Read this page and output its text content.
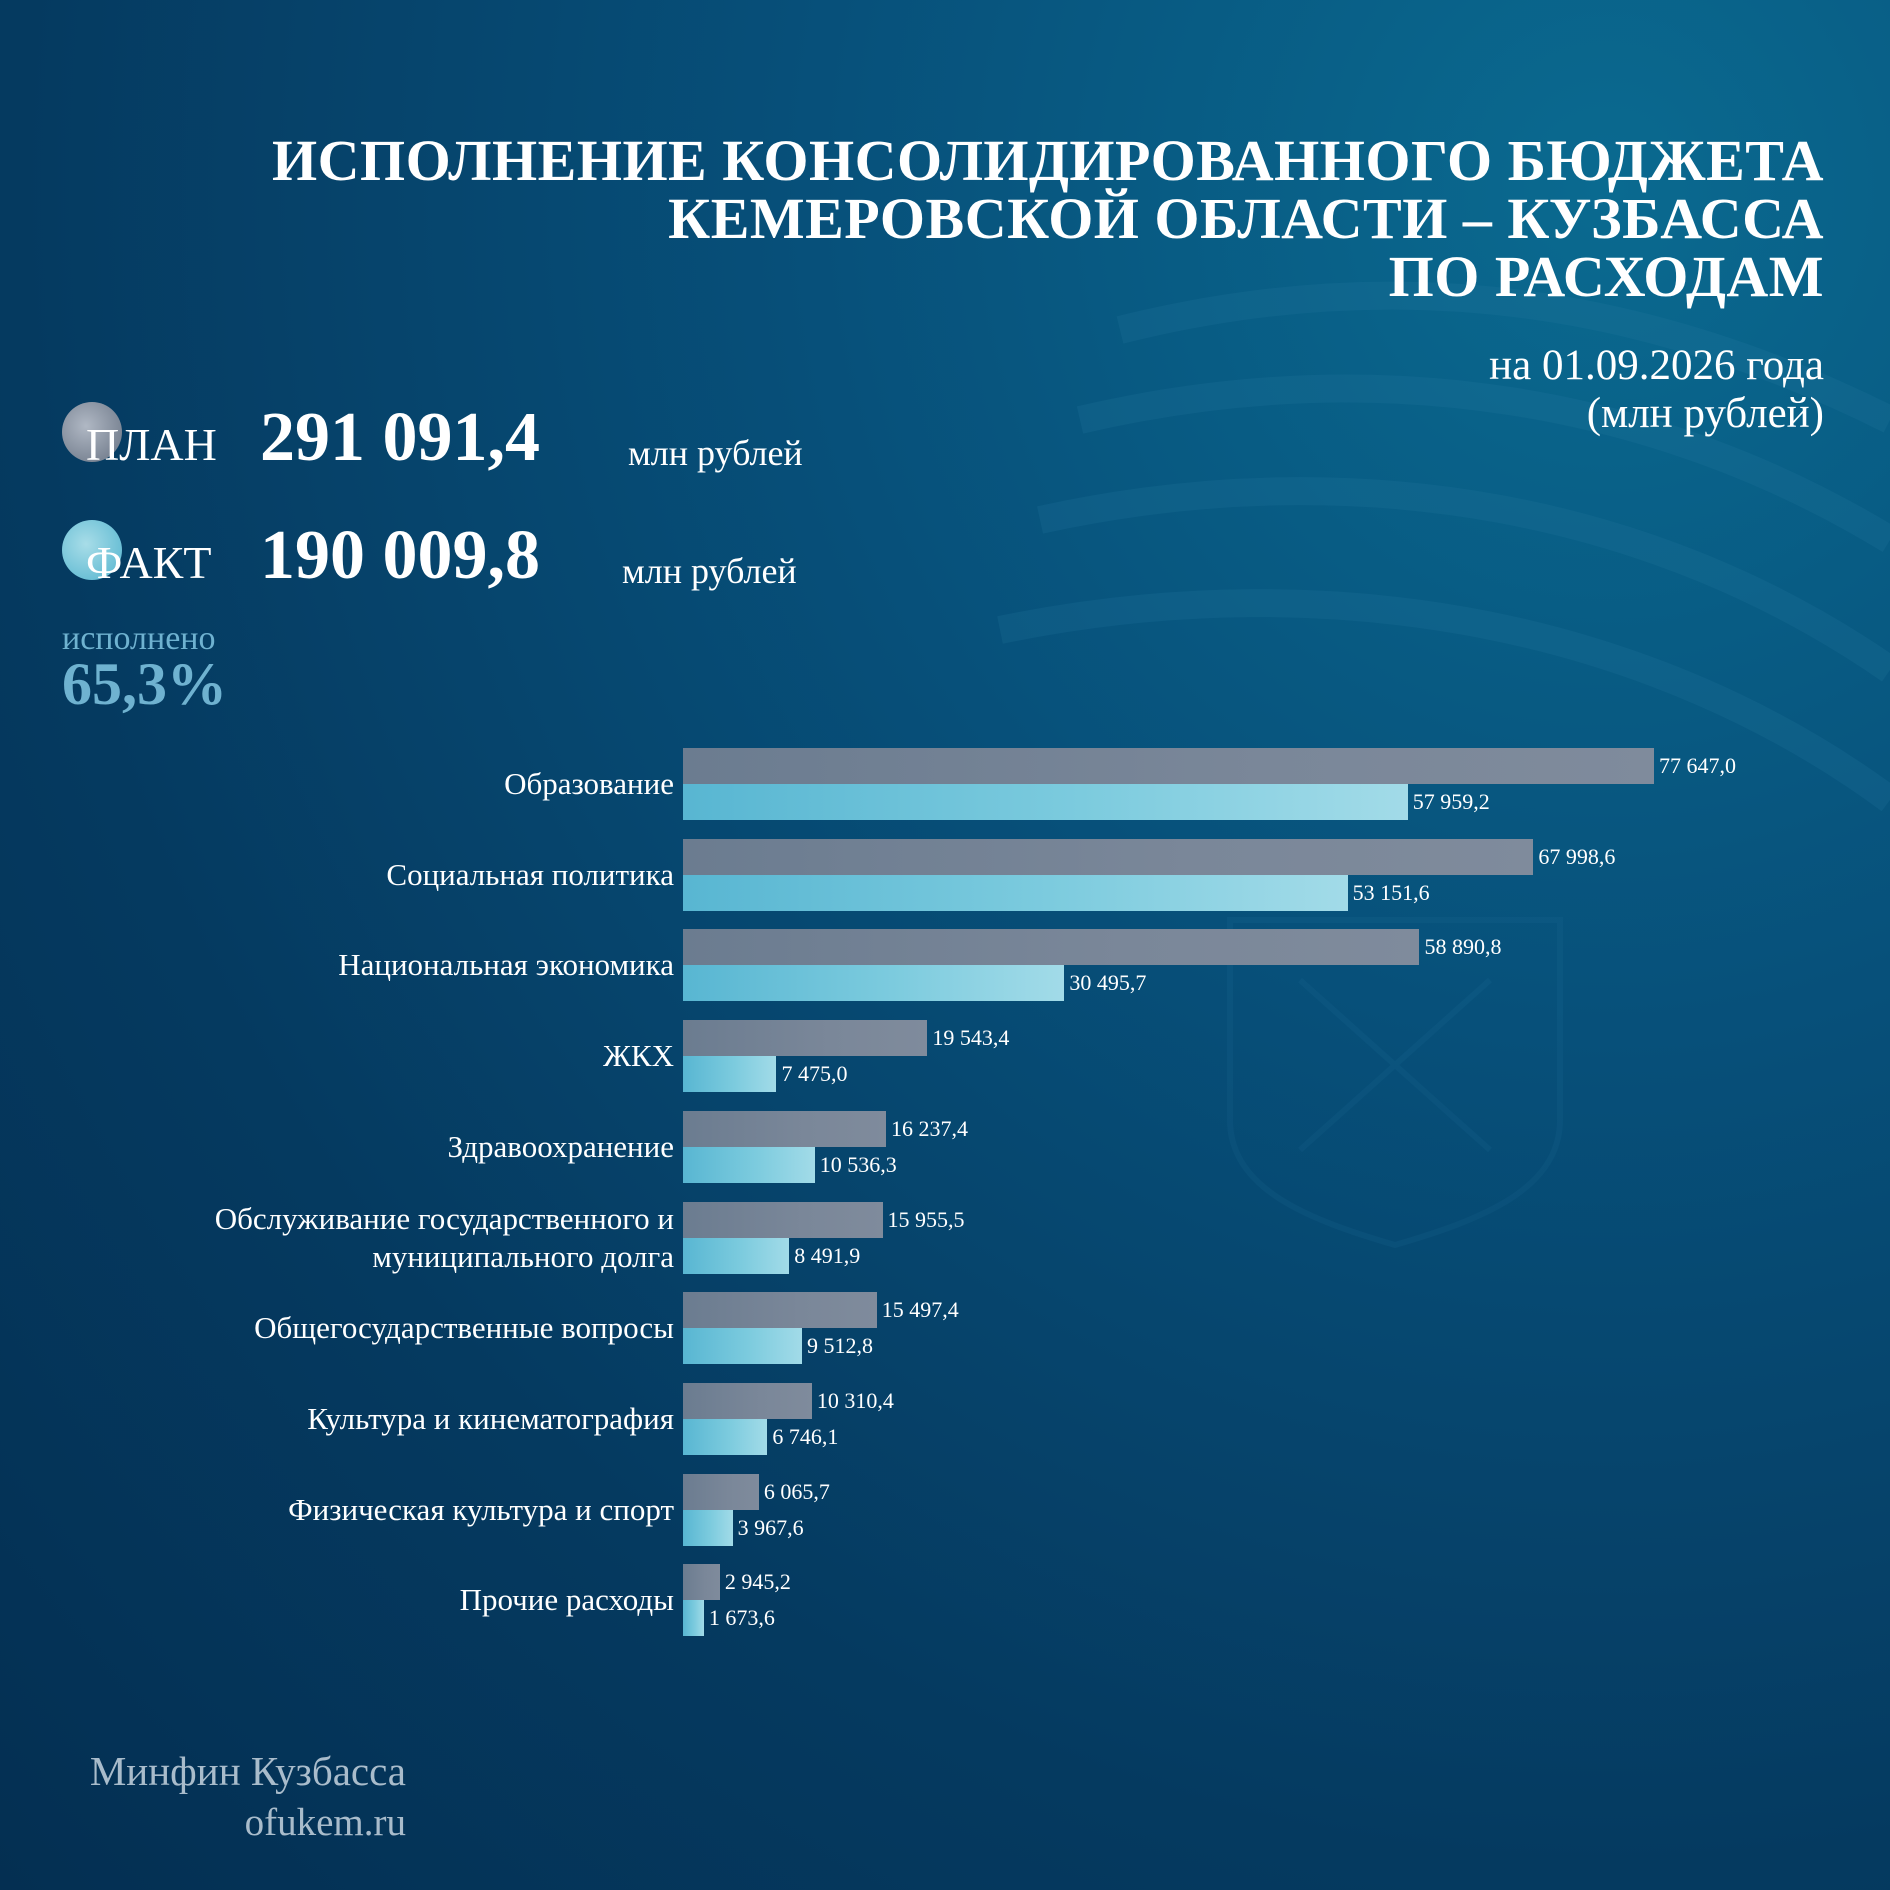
ИСПОЛНЕНИЕ КОНСОЛИДИРОВАННОГО БЮДЖЕТА
КЕМЕРОВСКОЙ ОБЛАСТИ – КУЗБАССА
ПО РАСХОДАМ
на 01.09.2026 года
(млн рублей)
ПЛАН 291 091,4 млн рублей
ФАКТ 190 009,8 млн рублей
исполнено
65,3%
Образование
77 647,0
57 959,2
Социальная политика
67 998,6
53 151,6
Национальная экономика
58 890,8
30 495,7
ЖКХ
19 543,4
7 475,0
Здравоохранение
16 237,4
10 536,3
Обслуживание государственного и
муниципального долга
15 955,5
8 491,9
Общегосударственные вопросы
15 497,4
9 512,8
Культура и кинематография
10 310,4
6 746,1
Физическая культура и спорт
6 065,7
3 967,6
Прочие расходы
2 945,2
1 673,6
Минфин Кузбасса
ofukem.ru
